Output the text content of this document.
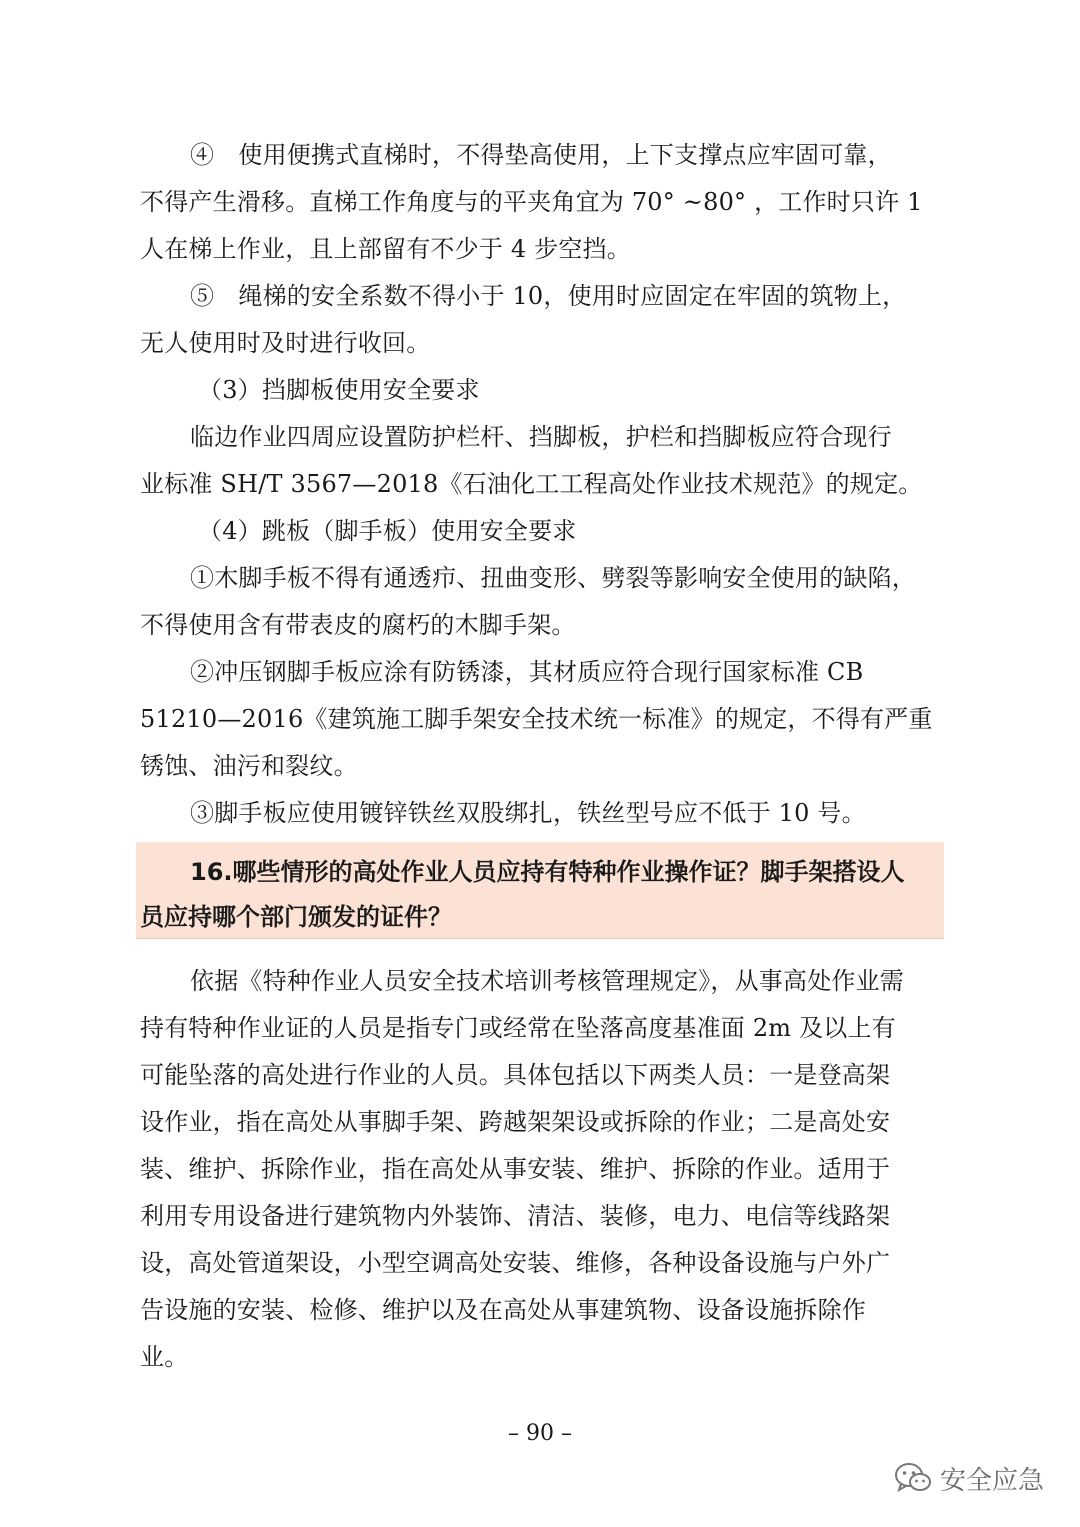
④　使用便携式直梯时，不得垫高使用，上下支撑点应牢固可靠，
不得产生滑移。直梯工作角度与的平夹角宜为 70° ~80° ，工作时只许 1
人在梯上作业，且上部留有不少于 4 步空挡。
⑤　绳梯的安全系数不得小于 10，使用时应固定在牢固的筑物上，
无人使用时及时进行收回。
（3）挡脚板使用安全要求
临边作业四周应设置防护栏杆、挡脚板，护栏和挡脚板应符合现行
业标准 SH/T 3567—2018《石油化工工程高处作业技术规范》的规定。
（4）跳板（脚手板）使用安全要求
①木脚手板不得有通透疖、扭曲变形、劈裂等影响安全使用的缺陷，
不得使用含有带表皮的腐朽的木脚手架。
②冲压钢脚手板应涂有防锈漆，其材质应符合现行国家标准 CB
51210—2016《建筑施工脚手架安全技术统一标准》的规定，不得有严重
锈蚀、油污和裂纹。
③脚手板应使用镀锌铁丝双股绑扎，铁丝型号应不低于 10 号。
16.哪些情形的高处作业人员应持有特种作业操作证？脚手架搭设人
员应持哪个部门颁发的证件？
依据《特种作业人员安全技术培训考核管理规定》，从事高处作业需
持有特种作业证的人员是指专门或经常在坠落高度基准面 2m 及以上有
可能坠落的高处进行作业的人员。具体包括以下两类人员：一是登高架
设作业，指在高处从事脚手架、跨越架架设或拆除的作业；二是高处安
装、维护、拆除作业，指在高处从事安装、维护、拆除的作业。适用于
利用专用设备进行建筑物内外装饰、清洁、装修，电力、电信等线路架
设，高处管道架设，小型空调高处安装、维修，各种设备设施与户外广
告设施的安装、检修、维护以及在高处从事建筑物、设备设施拆除作
业。
– 90 –
安全应急
